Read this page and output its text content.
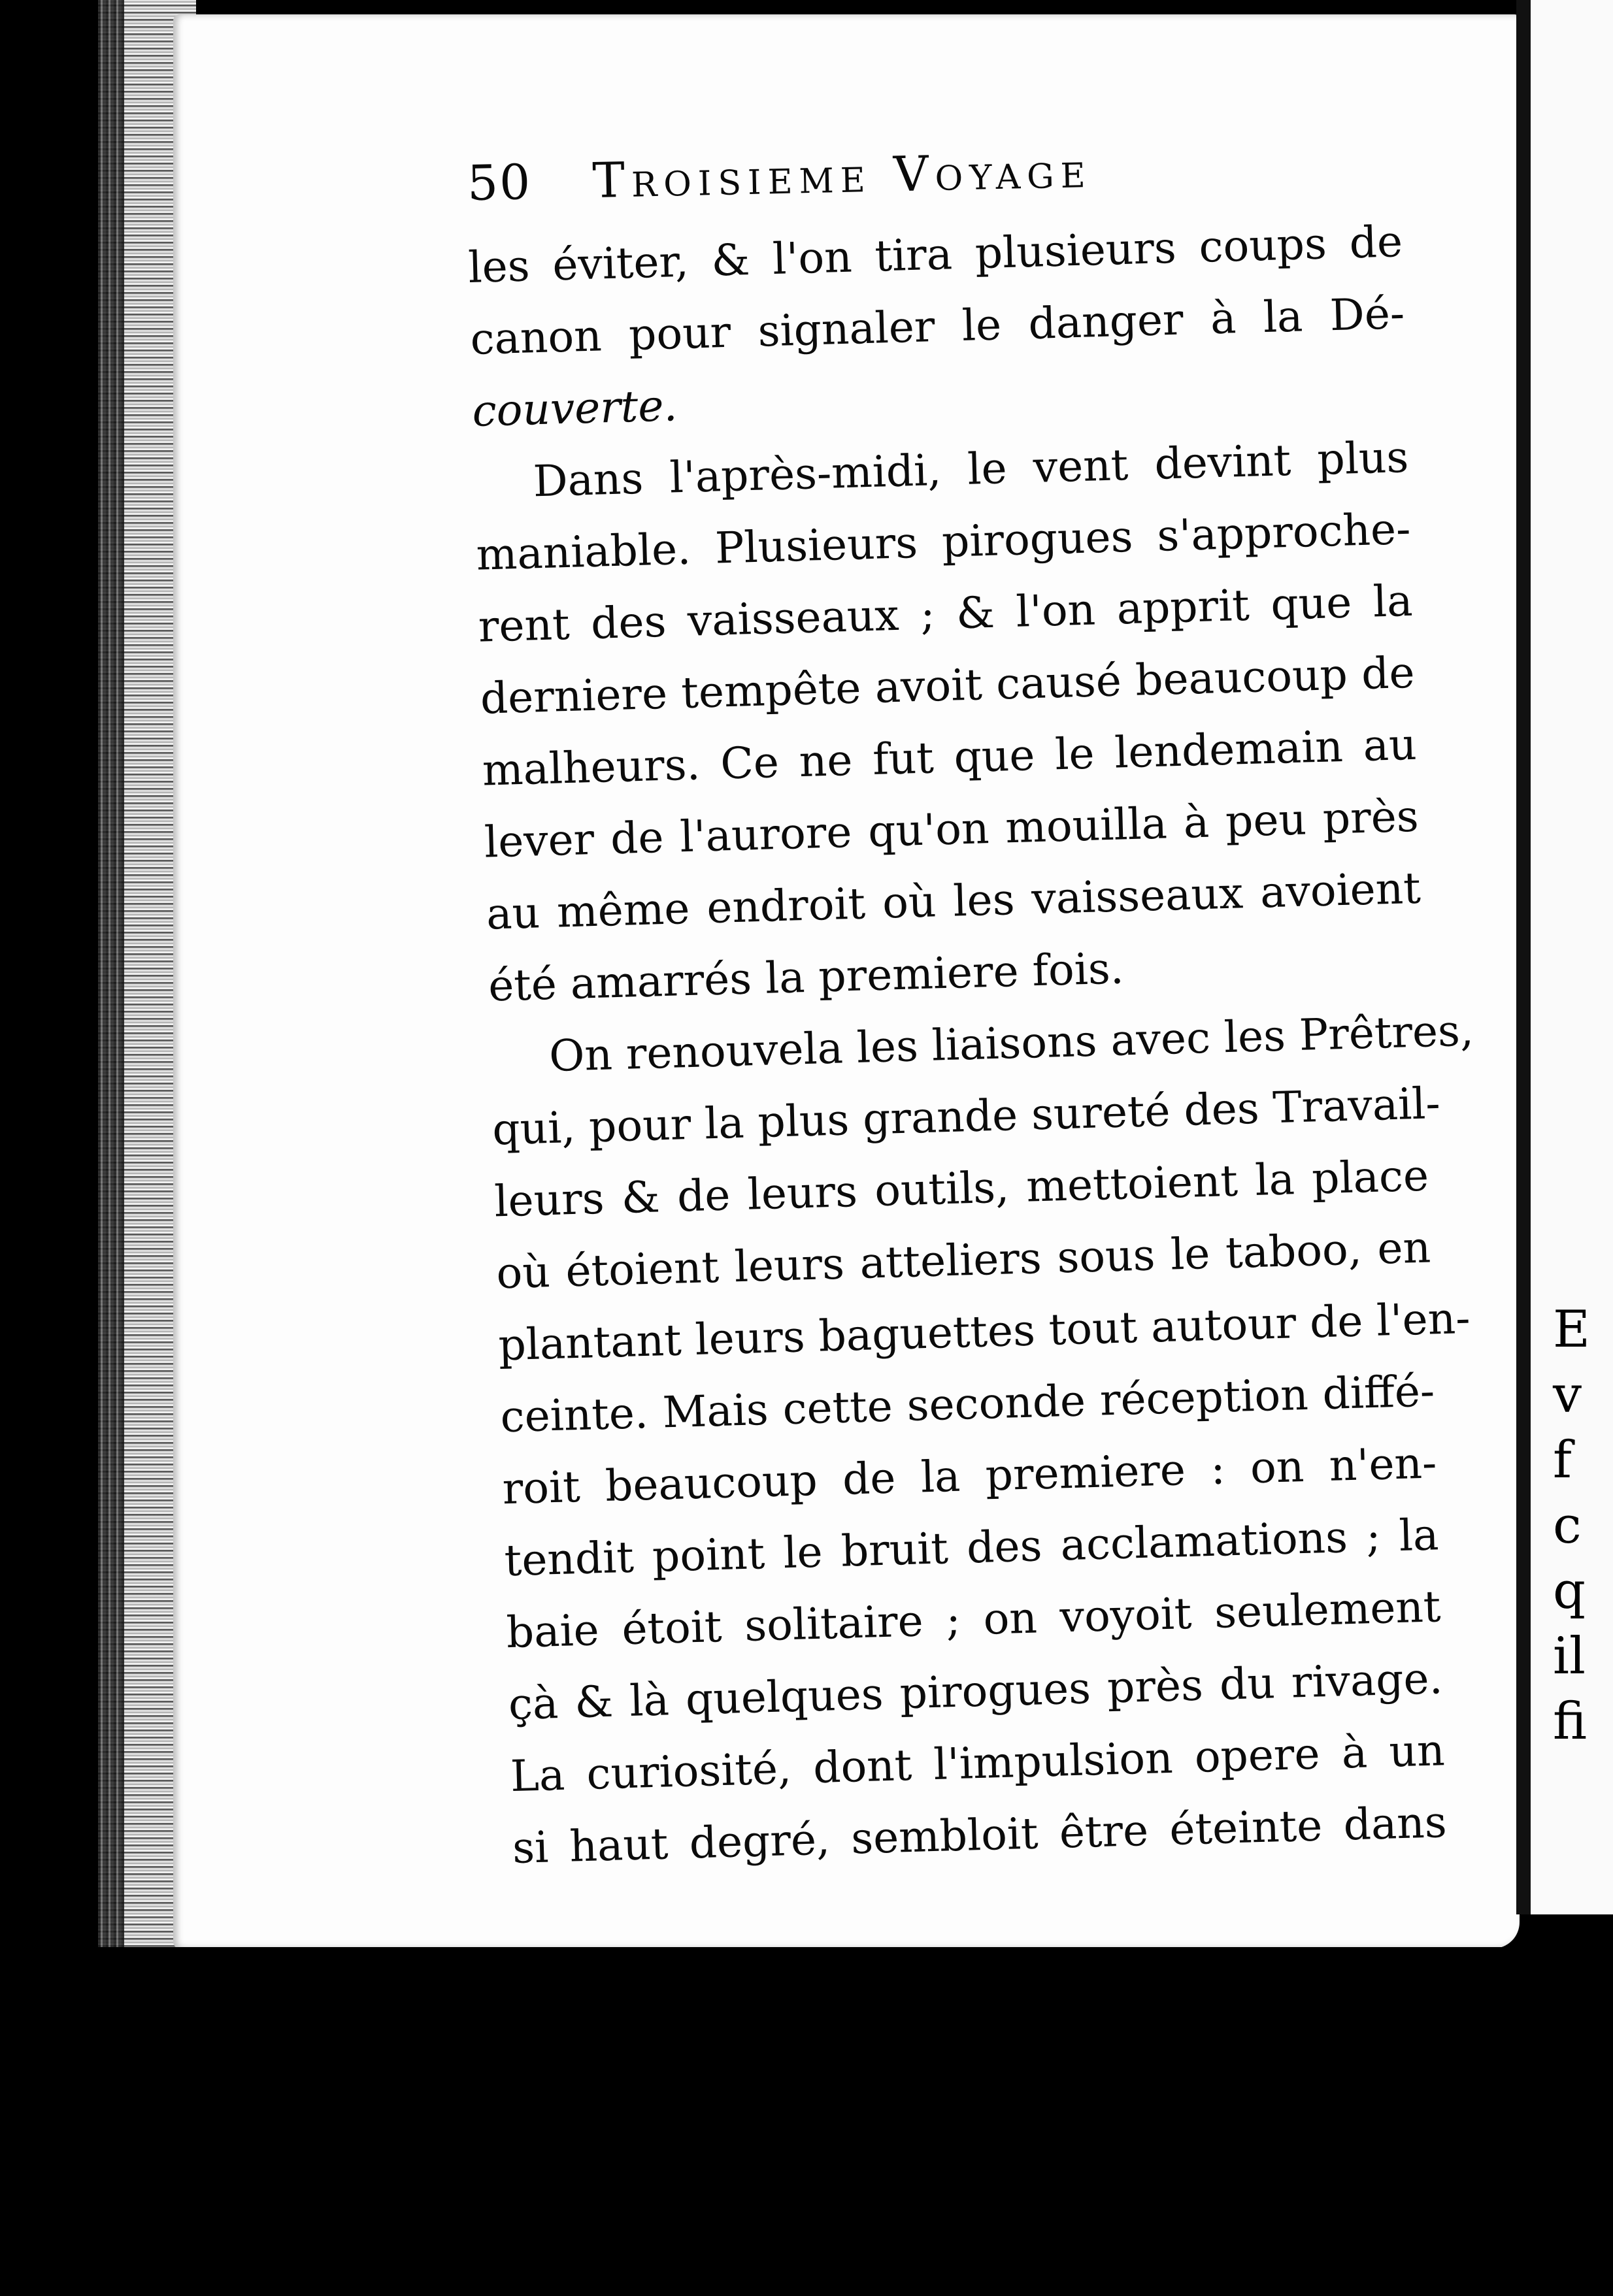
E
v
f
c
q
il
fi
50 Troisieme Voyage
les éviter, & l'on tira plusieurs coups de
canon pour signaler le danger à la Dé-
couverte.
Dans l'après-midi, le vent devint plus
maniable. Plusieurs pirogues s'approche-
rent des vaisseaux ; & l'on apprit que la
derniere tempête avoit causé beaucoup de
malheurs. Ce ne fut que le lendemain au
lever de l'aurore qu'on mouilla à peu près
au même endroit où les vaisseaux avoient
été amarrés la premiere fois.
On renouvela les liaisons avec les Prêtres,
qui, pour la plus grande sureté des Travail-
leurs & de leurs outils, mettoient la place
où étoient leurs atteliers sous le taboo, en
plantant leurs baguettes tout autour de l'en-
ceinte. Mais cette seconde réception diffé-
roit beaucoup de la premiere : on n'en-
tendit point le bruit des acclamations ; la
baie étoit solitaire ; on voyoit seulement
çà & là quelques pirogues près du rivage.
La curiosité, dont l'impulsion opere à un
si haut degré, sembloit être éteinte dans
